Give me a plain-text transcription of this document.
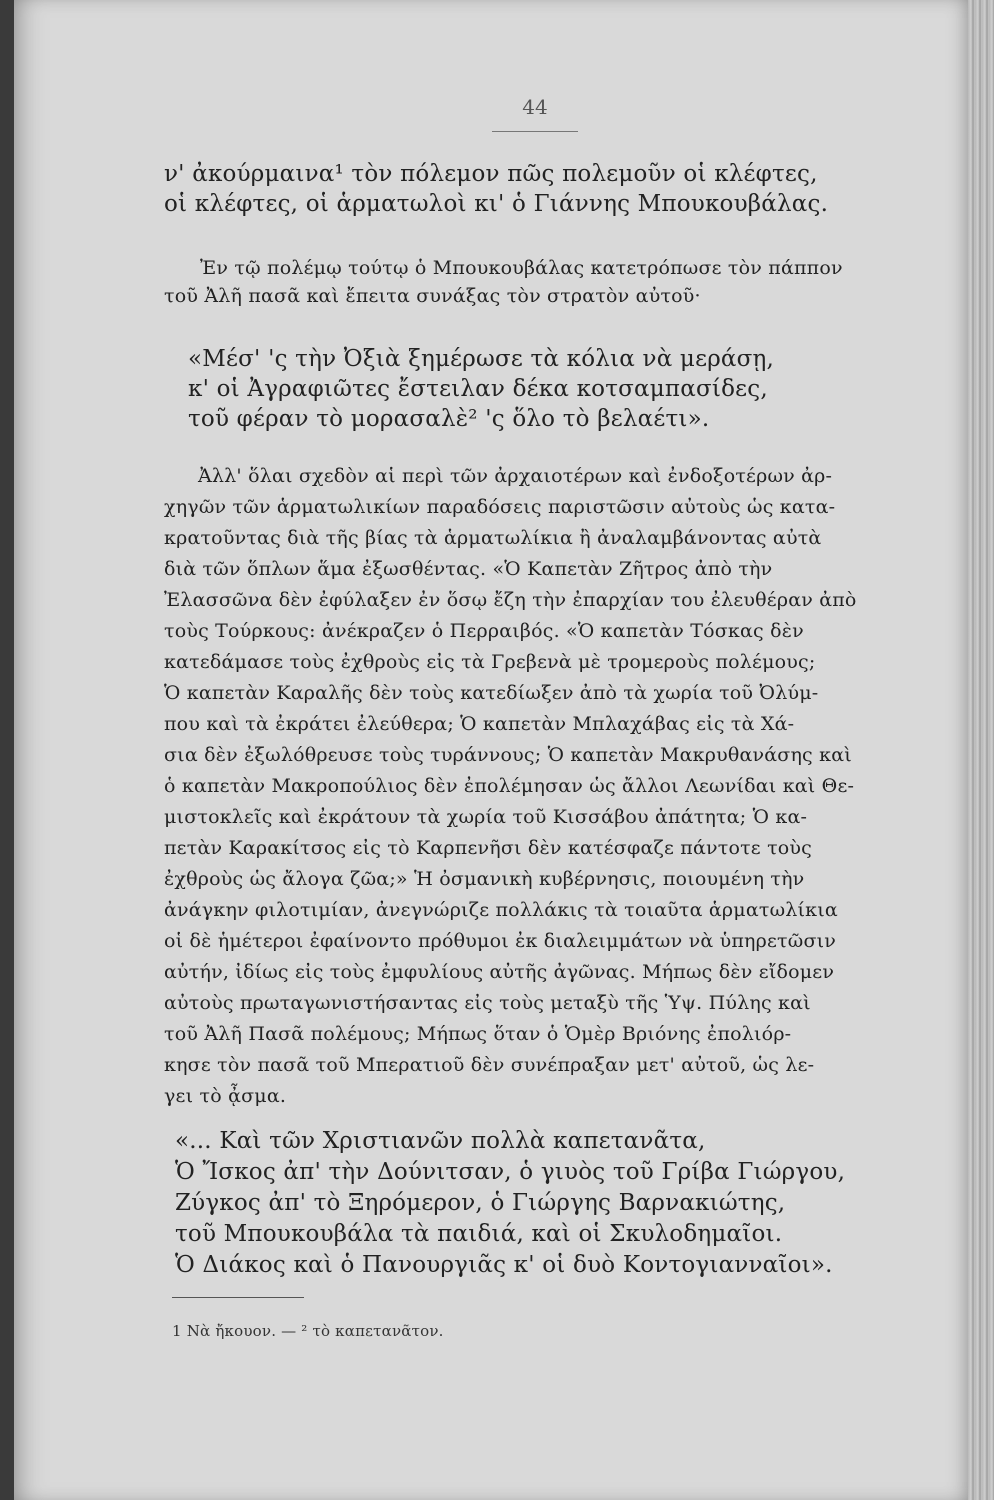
44
ν' ἀκούρμαινα¹ τὸν πόλεμον πῶς πολεμοῦν οἱ κλέφτες,
οἱ κλέφτες, οἱ ἁρματωλοὶ κι' ὁ Γιάννης Μπουκουβάλας.
Ἐν τῷ πολέμῳ τούτῳ ὁ Μπουκουβάλας κατετρόπωσε τὸν πάππον
τοῦ Ἀλῆ πασᾶ καὶ ἔπειτα συνάξας τὸν στρατὸν αὐτοῦ·
«Μέσ' 'ς τὴν Ὀξιὰ ξημέρωσε τὰ κόλια νὰ μεράσῃ,
κ' οἱ Ἀγραφιῶτες ἔστειλαν δέκα κοτσαμπασίδες,
τοῦ φέραν τὸ μορασαλὲ² 'ς ὅλο τὸ βελαέτι».
Ἀλλ' ὅλαι σχεδὸν αἱ περὶ τῶν ἀρχαιοτέρων καὶ ἐνδοξοτέρων ἀρ-
χηγῶν τῶν ἁρματωλικίων παραδόσεις παριστῶσιν αὐτοὺς ὡς κατα-
κρατοῦντας διὰ τῆς βίας τὰ ἁρματωλίκια ἢ ἀναλαμβάνοντας αὐτὰ
διὰ τῶν ὅπλων ἅμα ἐξωσθέντας. «Ὁ Καπετὰν Ζῆτρος ἀπὸ τὴν
Ἐλασσῶνα δὲν ἐφύλαξεν ἐν ὅσῳ ἔζη τὴν ἐπαρχίαν του ἐλευθέραν ἀπὸ
τοὺς Τούρκους: ἀνέκραζεν ὁ Περραιβός. «Ὁ καπετὰν Τόσκας δὲν
κατεδάμασε τοὺς ἐχθροὺς εἰς τὰ Γρεβενὰ μὲ τρομεροὺς πολέμους;
Ὁ καπετὰν Καραλῆς δὲν τοὺς κατεδίωξεν ἀπὸ τὰ χωρία τοῦ Ὀλύμ-
που καὶ τὰ ἐκράτει ἐλεύθερα; Ὁ καπετὰν Μπλαχάβας εἰς τὰ Χά-
σια δὲν ἐξωλόθρευσε τοὺς τυράννους; Ὁ καπετὰν Μακρυθανάσης καὶ
ὁ καπετὰν Μακροπούλιος δὲν ἐπολέμησαν ὡς ἄλλοι Λεωνίδαι καὶ Θε-
μιστοκλεῖς καὶ ἐκράτουν τὰ χωρία τοῦ Κισσάβου ἀπάτητα; Ὁ κα-
πετὰν Καρακίτσος εἰς τὸ Καρπενῆσι δὲν κατέσφαζε πάντοτε τοὺς
ἐχθροὺς ὡς ἄλογα ζῶα;» Ἡ ὀσμανικὴ κυβέρνησις, ποιουμένη τὴν
ἀνάγκην φιλοτιμίαν, ἀνεγνώριζε πολλάκις τὰ τοιαῦτα ἁρματωλίκια
οἱ δὲ ἡμέτεροι ἐφαίνοντο πρόθυμοι ἐκ διαλειμμάτων νὰ ὑπηρετῶσιν
αὐτήν, ἰδίως εἰς τοὺς ἐμφυλίους αὐτῆς ἀγῶνας. Μήπως δὲν εἴδομεν
αὐτοὺς πρωταγωνιστήσαντας εἰς τοὺς μεταξὺ τῆς Ὑψ. Πύλης καὶ
τοῦ Ἀλῆ Πασᾶ πολέμους; Μήπως ὅταν ὁ Ὁμὲρ Βριόνης ἐπολιόρ-
κησε τὸν πασᾶ τοῦ Μπερατιοῦ δὲν συνέπραξαν μετ' αὐτοῦ, ὡς λε-
γει τὸ ᾆσμα.
«... Καὶ τῶν Χριστιανῶν πολλὰ καπετανᾶτα,
Ὁ Ἴσκος ἀπ' τὴν Δούνιτσαν, ὁ γιυὸς τοῦ Γρίβα Γιώργου,
Ζύγκος ἀπ' τὸ Ξηρόμερον, ὁ Γιώργης Βαρνακιώτης,
τοῦ Μπουκουβάλα τὰ παιδιά, καὶ οἱ Σκυλοδημαῖοι.
Ὁ Διάκος καὶ ὁ Πανουργιᾶς κ' οἱ δυὸ Κοντογιανναῖοι».
1 Νὰ ἤκουον. — ² τὸ καπετανᾶτον.
